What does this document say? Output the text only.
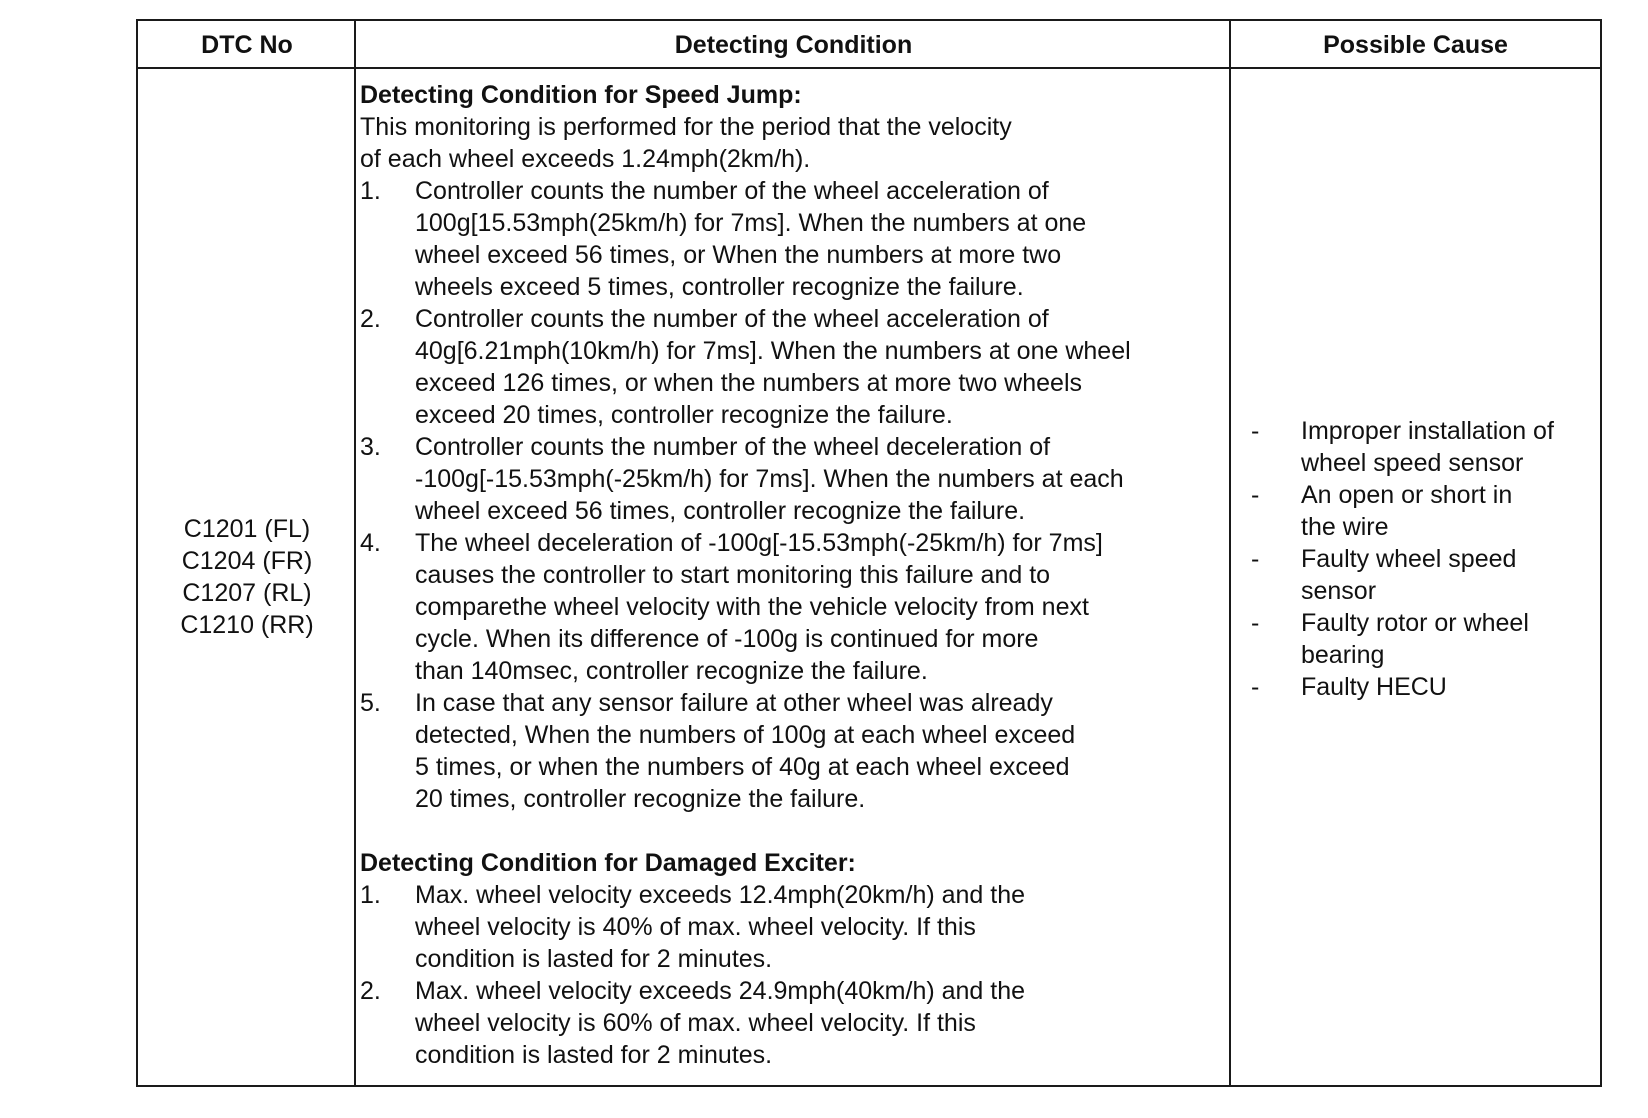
DTC No	Detecting Condition	Possible Cause
C1201 (FL)
C1204 (FR)
C1207 (RL)
C1210 (RR)
Detecting Condition for Speed Jump:
This monitoring is performed for the period that the velocity
of each wheel exceeds 1.24mph(2km/h).
1. Controller counts the number of the wheel acceleration of
100g[15.53mph(25km/h) for 7ms]. When the numbers at one
wheel exceed 56 times, or When the numbers at more two
wheels exceed 5 times, controller recognize the failure.
2. Controller counts the number of the wheel acceleration of
40g[6.21mph(10km/h) for 7ms]. When the numbers at one wheel
exceed 126 times, or when the numbers at more two wheels
exceed 20 times, controller recognize the failure.
3. Controller counts the number of the wheel deceleration of
-100g[-15.53mph(-25km/h) for 7ms]. When the numbers at each
wheel exceed 56 times, controller recognize the failure.
4. The wheel deceleration of -100g[-15.53mph(-25km/h) for 7ms]
causes the controller to start monitoring this failure and to
comparethe wheel velocity with the vehicle velocity from next
cycle. When its difference of -100g is continued for more
than 140msec, controller recognize the failure.
5. In case that any sensor failure at other wheel was already
detected, When the numbers of 100g at each wheel exceed
5 times, or when the numbers of 40g at each wheel exceed
20 times, controller recognize the failure.
Detecting Condition for Damaged Exciter:
1. Max. wheel velocity exceeds 12.4mph(20km/h) and the
wheel velocity is 40% of max. wheel velocity. If this
condition is lasted for 2 minutes.
2. Max. wheel velocity exceeds 24.9mph(40km/h) and the
wheel velocity is 60% of max. wheel velocity. If this
condition is lasted for 2 minutes.
- Improper installation of
wheel speed sensor
- An open or short in
the wire
- Faulty wheel speed
sensor
- Faulty rotor or wheel
bearing
- Faulty HECU
